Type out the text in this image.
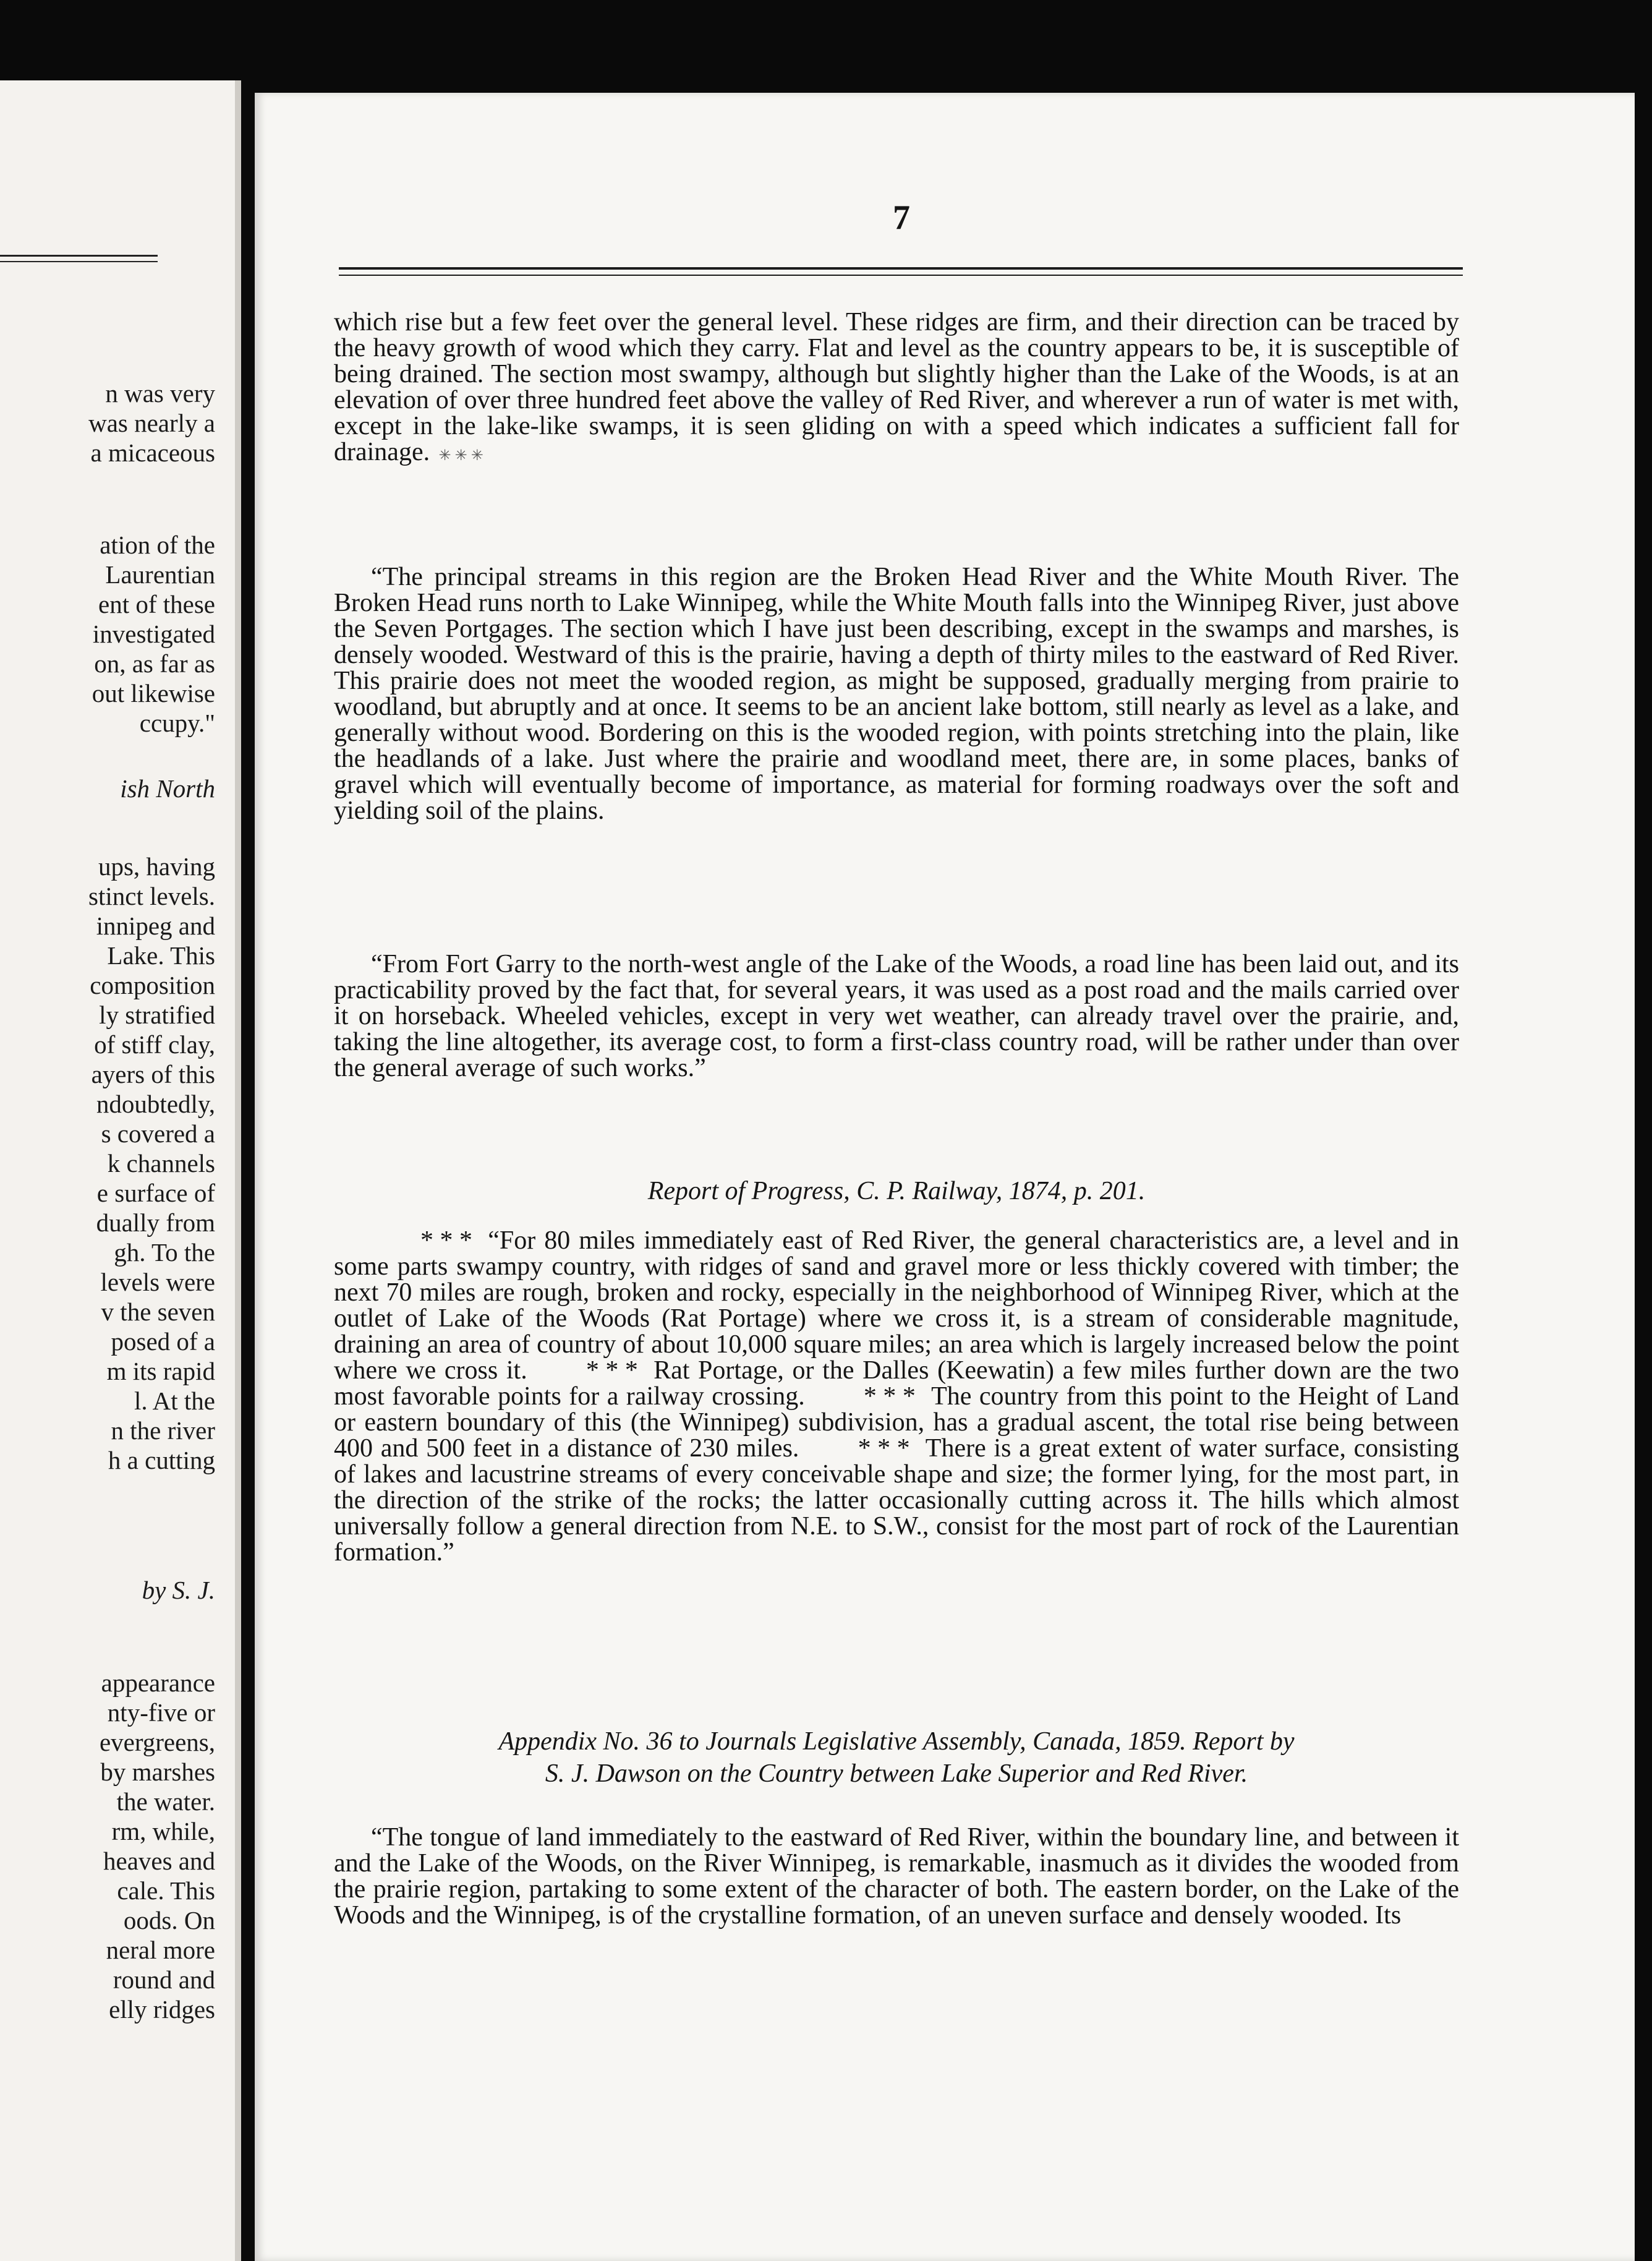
n was very
was nearly a
a micaceous
ation of the
Laurentian
ent of these
investigated
on, as far as
out likewise
ccupy."
ish North
ups, having
stinct levels.
innipeg and
Lake. This
composition
ly stratified
of stiff clay,
ayers of this
ndoubtedly,
s covered a
k channels
e surface of
dually from
gh. To the
levels were
v the seven
posed of a
m its rapid
l. At the
n the river
h a cutting
by S. J.
appearance
nty-five or
evergreens,
by marshes
the water.
rm, while,
heaves and
cale. This
oods. On
neral more
round and
elly ridges
7

which rise but a few feet over the general level. These ridges are firm, and their direction can be traced by the heavy growth of wood which they carry. Flat and level as the country appears to be, it is susceptible of being drained. The section most swampy, although but slightly higher than the Lake of the Woods, is at an elevation of over three hundred feet above the valley of Red River, and wherever a run of water is met with, except in the lake-like swamps, it is seen gliding on with a speed which indicates a sufficient fall for drainage. ✳ ✳ ✳

“The principal streams in this region are the Broken Head River and the White Mouth River. The Broken Head runs north to Lake Winnipeg, while the White Mouth falls into the Winnipeg River, just above the Seven Portgages. The section which I have just been describing, except in the swamps and marshes, is densely wooded. Westward of this is the prairie, having a depth of thirty miles to the eastward of Red River. This prairie does not meet the wooded region, as might be supposed, gradually merging from prairie to woodland, but abruptly and at once. It seems to be an ancient lake bottom, still nearly as level as a lake, and generally without wood. Bordering on this is the wooded region, with points stretching into the plain, like the headlands of a lake. Just where the prairie and woodland meet, there are, in some places, banks of gravel which will eventually become of importance, as material for forming roadways over the soft and yielding soil of the plains.

“From Fort Garry to the north-west angle of the Lake of the Woods, a road line has been laid out, and its practicability proved by the fact that, for several years, it was used as a post road and the mails carried over it on horseback. Wheeled vehicles, except in very wet weather, can already travel over the prairie, and, taking the line altogether, its average cost, to form a first-class country road, will be rather under than over the general average of such works.”

Report of Progress, C. P. Railway, 1874, p. 201.

* * * “For 80 miles immediately east of Red River, the general characteristics are, a level and in some parts swampy country, with ridges of sand and gravel more or less thickly covered with timber; the next 70 miles are rough, broken and rocky, especially in the neighborhood of Winnipeg River, which at the outlet of Lake of the Woods (Rat Portage) where we cross it, is a stream of considerable magnitude, draining an area of country of about 10,000 square miles; an area which is largely increased below the point where we cross it. * * * Rat Portage, or the Dalles (Keewatin) a few miles further down are the two most favorable points for a railway crossing. * * * The country from this point to the Height of Land or eastern boundary of this (the Winnipeg) subdivision, has a gradual ascent, the total rise being between 400 and 500 feet in a distance of 230 miles. * * * There is a great extent of water surface, consisting of lakes and lacustrine streams of every conceivable shape and size; the former lying, for the most part, in the direction of the strike of the rocks; the latter occasionally cutting across it. The hills which almost universally follow a general direction from N.E. to S.W., consist for the most part of rock of the Laurentian formation.”

Appendix No. 36 to Journals Legislative Assembly, Canada, 1859. Report by
S. J. Dawson on the Country between Lake Superior and Red River.

“The tongue of land immediately to the eastward of Red River, within the boundary line, and between it and the Lake of the Woods, on the River Winnipeg, is remarkable, inasmuch as it divides the wooded from the prairie region, partaking to some extent of the character of both. The eastern border, on the Lake of the Woods and the Winnipeg, is of the crystalline formation, of an uneven surface and densely wooded. Its
